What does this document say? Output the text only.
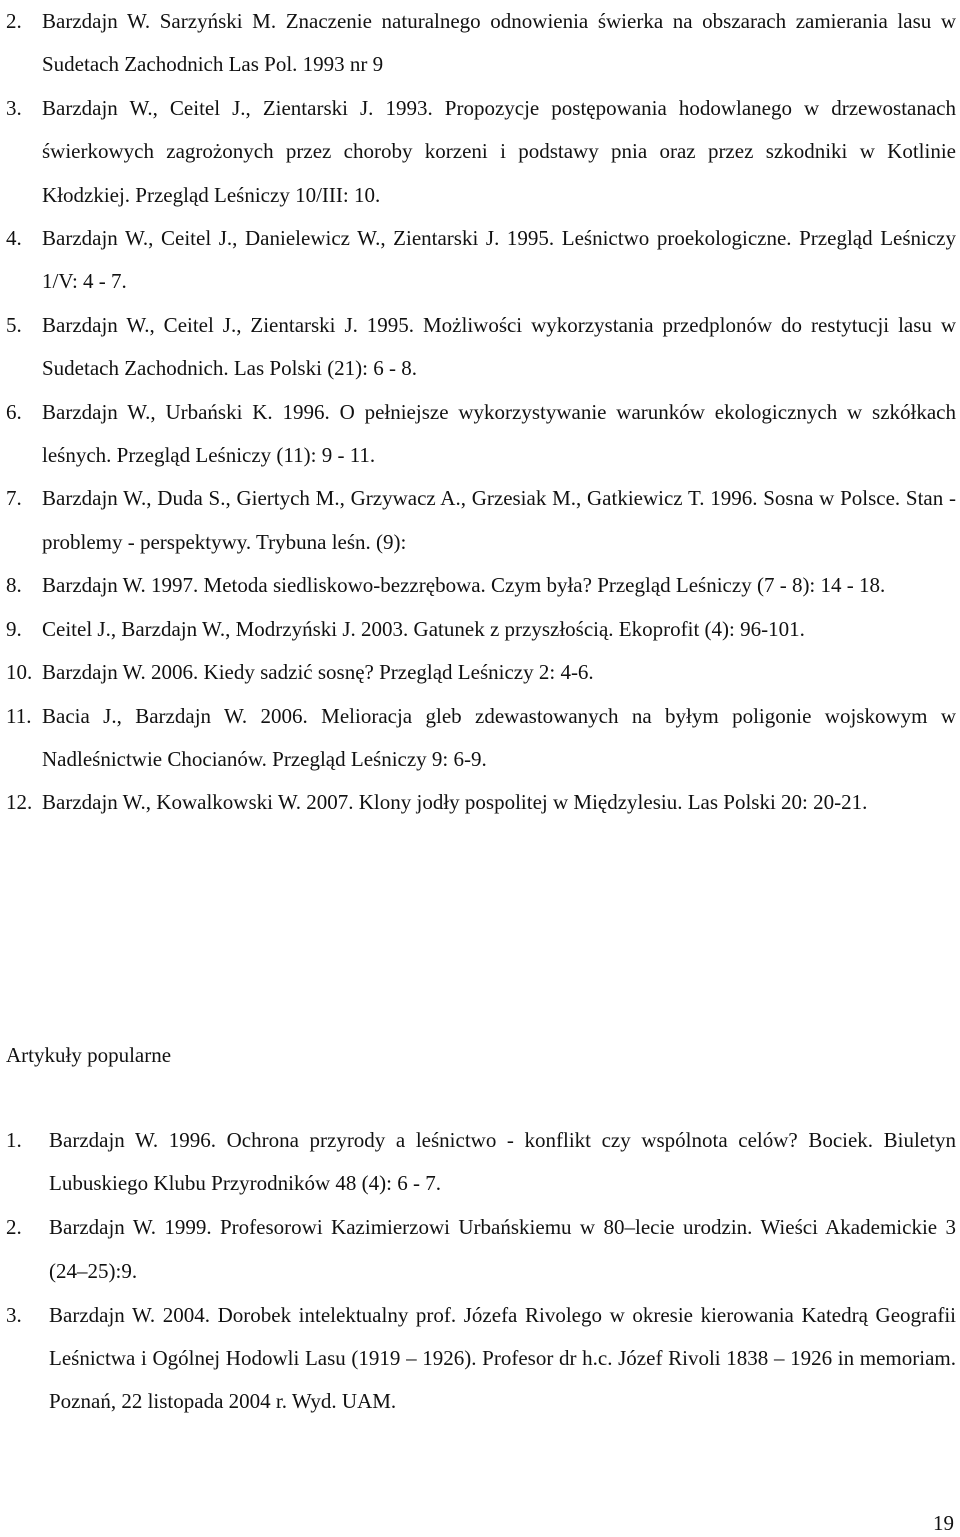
2. Barzdajn W. Sarzyński M. Znaczenie naturalnego odnowienia świerka na obszarach zamierania lasu w Sudetach Zachodnich Las Pol. 1993 nr 9
3. Barzdajn W., Ceitel J., Zientarski J. 1993. Propozycje postępowania hodowlanego w drzewostanach świerkowych zagrożonych przez choroby korzeni i podstawy pnia oraz przez szkodniki w Kotlinie Kłodzkiej. Przegląd Leśniczy 10/III: 10.
4. Barzdajn W., Ceitel J., Danielewicz W., Zientarski J. 1995. Leśnictwo proekologiczne. Przegląd Leśniczy 1/V: 4 - 7.
5. Barzdajn W., Ceitel J., Zientarski J. 1995. Możliwości wykorzystania przedplonów do restytucji lasu w Sudetach Zachodnich. Las Polski (21): 6 - 8.
6. Barzdajn W., Urbański K. 1996. O pełniejsze wykorzystywanie warunków ekologicznych w szkółkach leśnych. Przegląd Leśniczy (11): 9 - 11.
7. Barzdajn W., Duda S., Giertych M., Grzywacz A., Grzesiak M., Gatkiewicz T. 1996. Sosna w Polsce. Stan - problemy - perspektywy. Trybuna leśn. (9):
8. Barzdajn W. 1997. Metoda siedliskowo-bezzrębowa. Czym była? Przegląd Leśniczy (7 - 8): 14 - 18.
9. Ceitel J., Barzdajn W., Modrzyński J. 2003. Gatunek z przyszłością. Ekoprofit (4): 96-101.
10. Barzdajn W. 2006. Kiedy sadzić sosnę? Przegląd Leśniczy 2: 4-6.
11. Bacia J., Barzdajn W. 2006. Melioracja gleb zdewastowanych na byłym poligonie wojskowym w Nadleśnictwie Chocianów. Przegląd Leśniczy 9: 6-9.
12. Barzdajn W., Kowalkowski W. 2007. Klony jodły pospolitej w Międzylesiu. Las Polski 20: 20-21.
Artykuły popularne
1. Barzdajn W. 1996. Ochrona przyrody a leśnictwo - konflikt czy wspólnota celów? Bociek. Biuletyn Lubuskiego Klubu Przyrodników 48 (4): 6 - 7.
2. Barzdajn W. 1999. Profesorowi Kazimierzowi Urbańskiemu w 80–lecie urodzin. Wieści Akademickie 3 (24–25):9.
3. Barzdajn W. 2004. Dorobek intelektualny prof. Józefa Rivolego w okresie kierowania Katedrą Geografii Leśnictwa i Ogólnej Hodowli Lasu (1919 – 1926). Profesor dr h.c. Józef Rivoli 1838 – 1926 in memoriam. Poznań, 22 listopada 2004 r. Wyd. UAM.
19
